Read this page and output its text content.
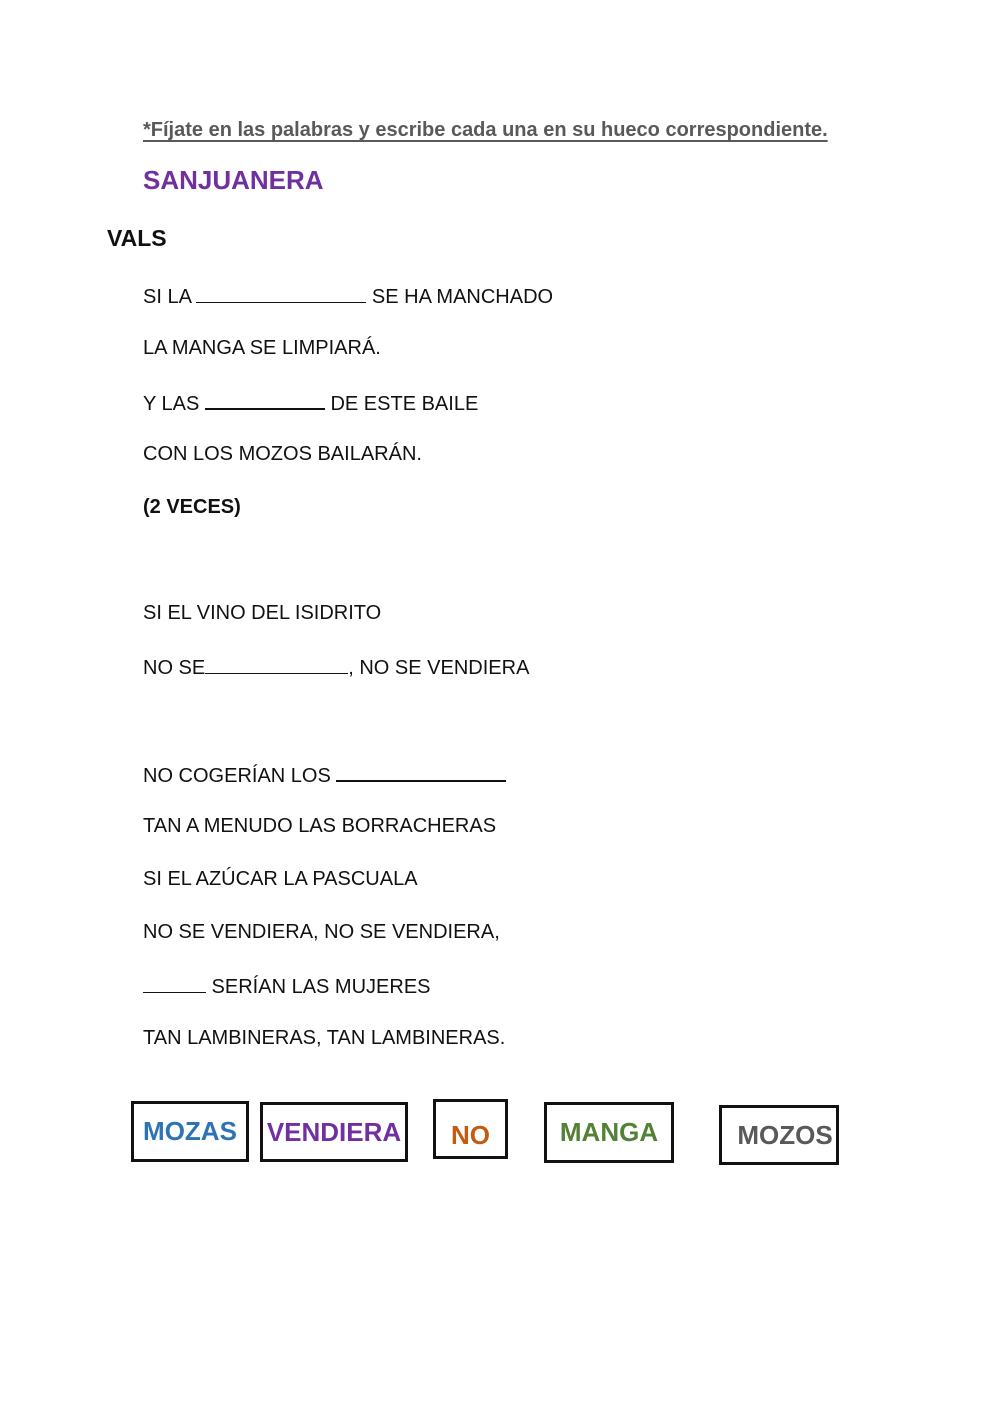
*Fíjate en las palabras y escribe cada una en su hueco correspondiente.
SANJUANERA
VALS
SI LA	SE HA MANCHADO
LA MANGA SE LIMPIARÁ.
Y LAS	DE ESTE BAILE
CON LOS MOZOS BAILARÁN.
(2 VECES)
SI EL VINO DEL ISIDRITO
NO SE	, NO SE VENDIERA
NO COGERÍAN LOS
TAN A MENUDO LAS BORRACHERAS
SI EL AZÚCAR LA PASCUALA
NO SE VENDIERA, NO SE VENDIERA,
SERÍAN LAS MUJERES
TAN LAMBINERAS, TAN LAMBINERAS.
MOZAS VENDIERA NO	MANGA	MOZOS
